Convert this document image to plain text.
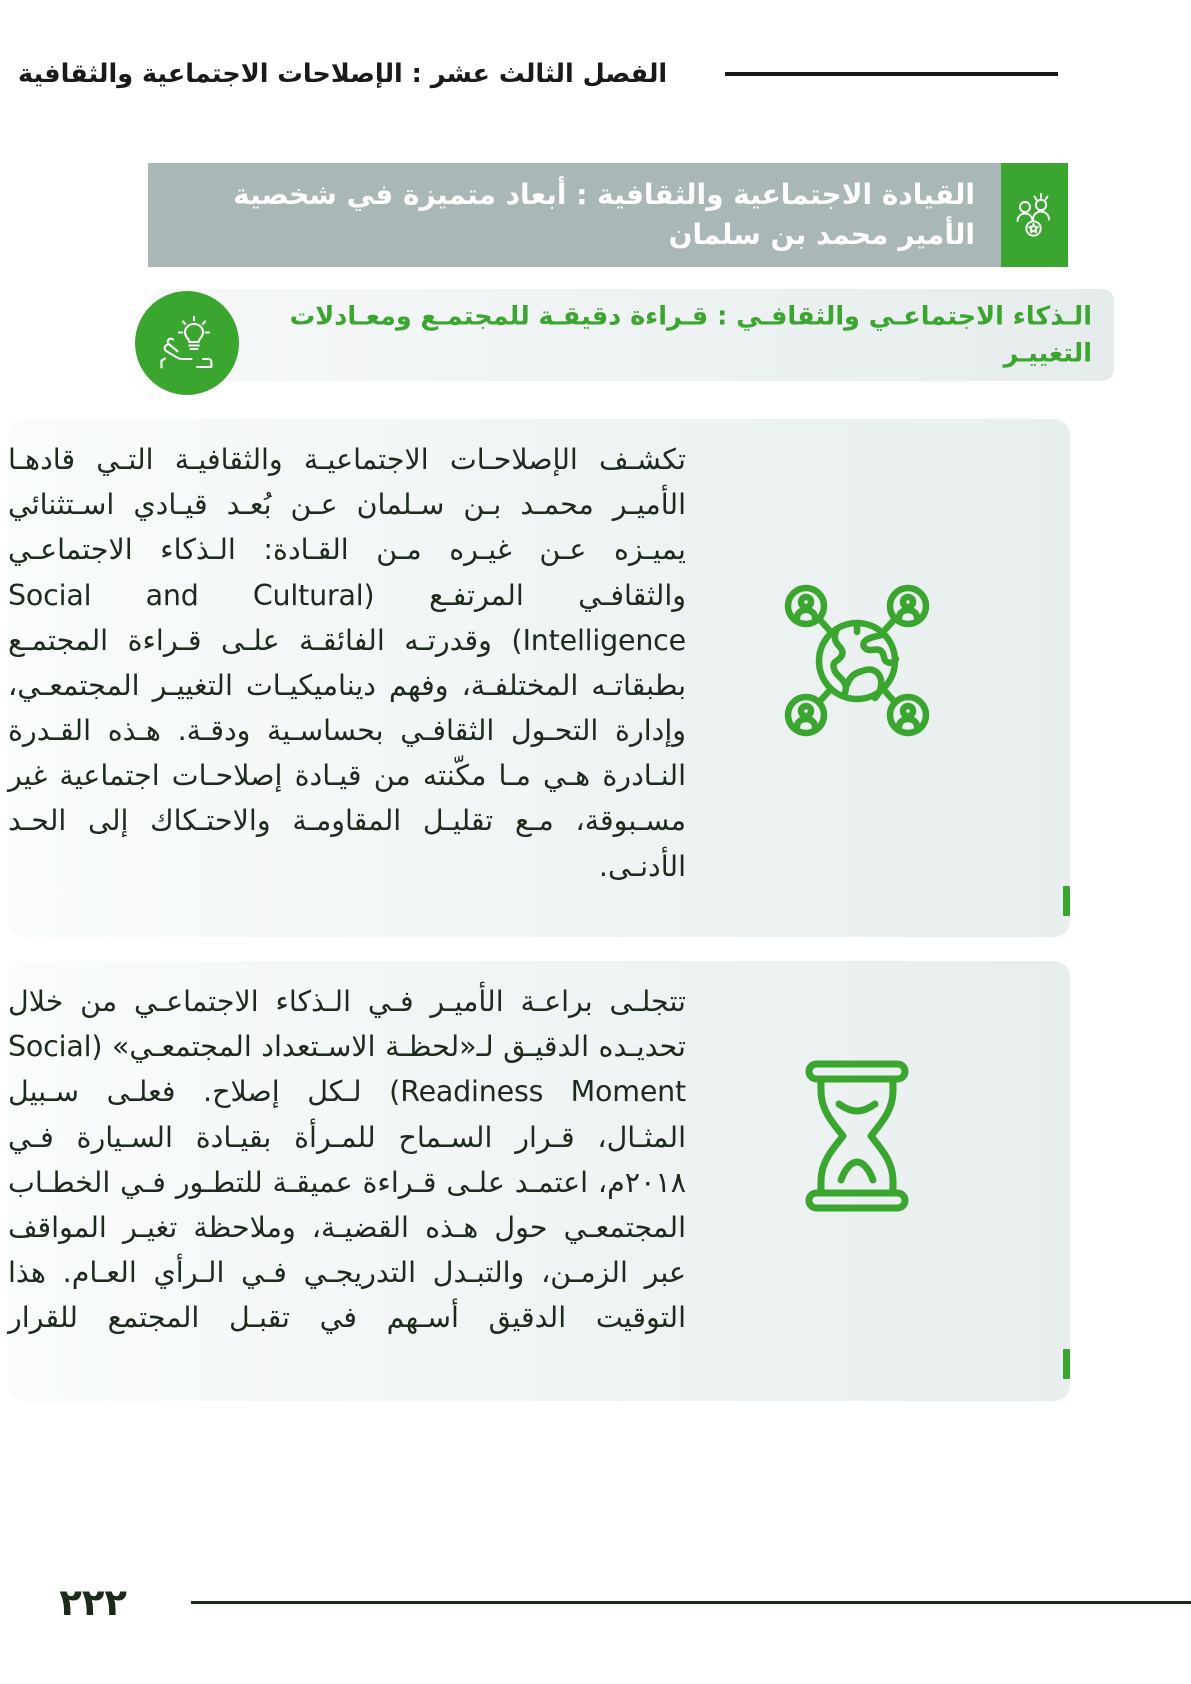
الفصل الثالث عشر : الإصلاحات الاجتماعية والثقافية
القيادة الاجتماعية والثقافية : أبعاد متميزة في شخصية الأمير محمد بن سلمان
الـذكاء الاجتماعـي والثقافـي : قـراءة دقيقـة للمجتمـع ومعـادلات التغييـر
تكشـف الإصلاحـات الاجتماعيـة والثقافيـة التـي قادهـا الأميـر محمـد بـن سـلمان عـن بُعـد قيـادي اسـتثنائي يميـزه عـن غيـره مـن القـادة: الـذكاء الاجتماعـي والثقافـي المرتفـع (Social and Cultural Intelligence) وقدرتـه الفائقـة علـى قـراءة المجتمـع بطبقاتـه المختلفـة، وفهم ديناميكيـات التغييـر المجتمعـي، وإدارة التحـول الثقافـي بحساسـية ودقـة. هـذه القـدرة النـادرة هـي مـا مكّنته من قيـادة إصلاحـات اجتماعية غير مسـبوقة، مـع تقليـل المقاومـة والاحتـكاك إلى الحـد الأدنـى.
تتجلـى براعـة الأميـر فـي الـذكاء الاجتماعـي من خلال تحديـده الدقيـق لـ«لحظـة الاسـتعداد المجتمعـي» (Social Readiness Moment) لـكل إصلاح. فعلـى سـبيل المثـال، قـرار السـماح للمـرأة بقيـادة السـيارة فـي ٢٠١٨م، اعتمـد علـى قـراءة عميقـة للتطـور فـي الخطـاب المجتمعـي حول هـذه القضيـة، وملاحظة تغيـر المواقف عبر الزمـن، والتبـدل التدريجـي فـي الـرأي العـام. هذا التوقيت الدقيق أسـهم في تقبـل المجتمع للقرار
٢٢٢
